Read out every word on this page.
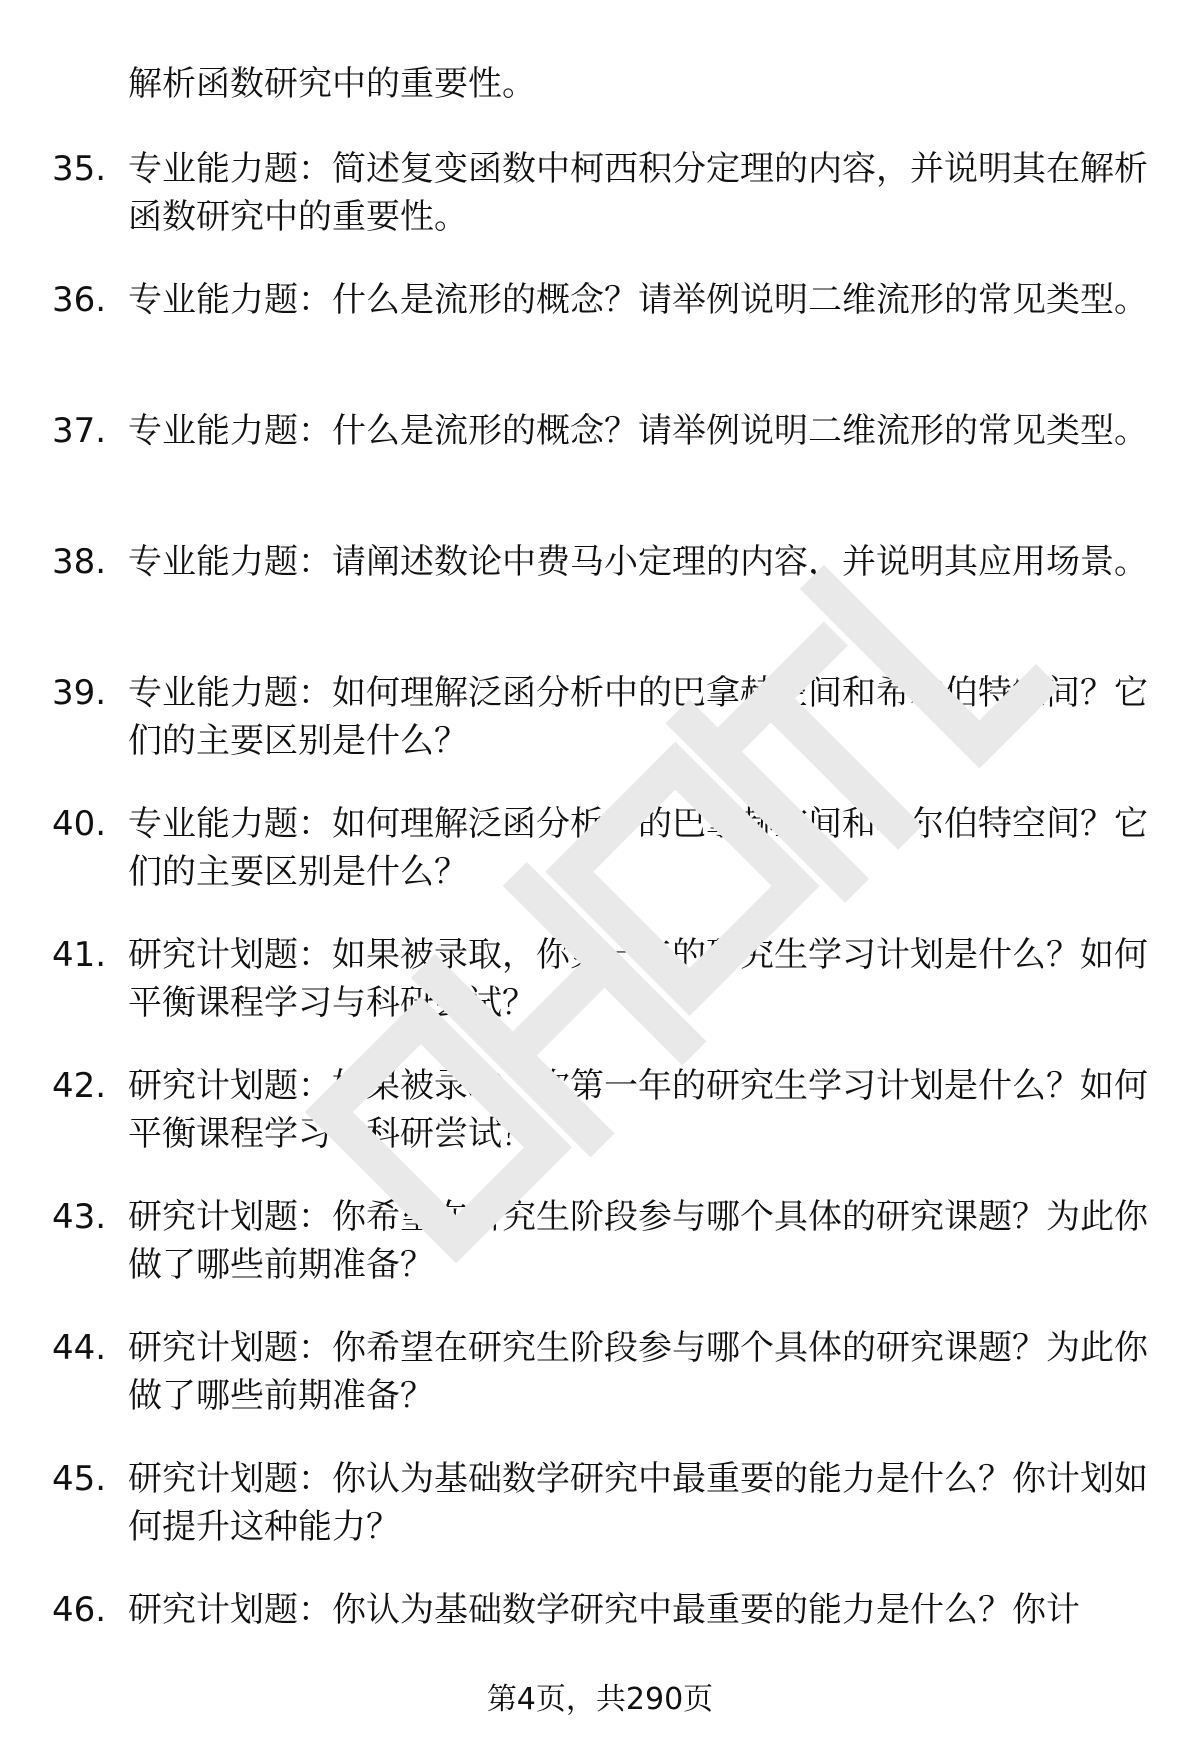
解析函数研究中的重要性。
35. 专业能力题：简述复变函数中柯西积分定理的内容，并说明其在解析函数研究中的重要性。
36. 专业能力题：什么是流形的概念？请举例说明二维流形的常见类型。
37. 专业能力题：什么是流形的概念？请举例说明二维流形的常见类型。
38. 专业能力题：请阐述数论中费马小定理的内容，并说明其应用场景。
39. 专业能力题：如何理解泛函分析中的巴拿赫空间和希尔伯特空间？它们的主要区别是什么？
40. 专业能力题：如何理解泛函分析中的巴拿赫空间和希尔伯特空间？它们的主要区别是什么？
41. 研究计划题：如果被录取，你第一年的研究生学习计划是什么？如何平衡课程学习与科研尝试？
42. 研究计划题：如果被录取，你第一年的研究生学习计划是什么？如何平衡课程学习与科研尝试？
43. 研究计划题：你希望在研究生阶段参与哪个具体的研究课题？为此你做了哪些前期准备？
44. 研究计划题：你希望在研究生阶段参与哪个具体的研究课题？为此你做了哪些前期准备？
45. 研究计划题：你认为基础数学研究中最重要的能力是什么？你计划如何提升这种能力？
46. 研究计划题：你认为基础数学研究中最重要的能力是什么？你计
第4页，共290页
